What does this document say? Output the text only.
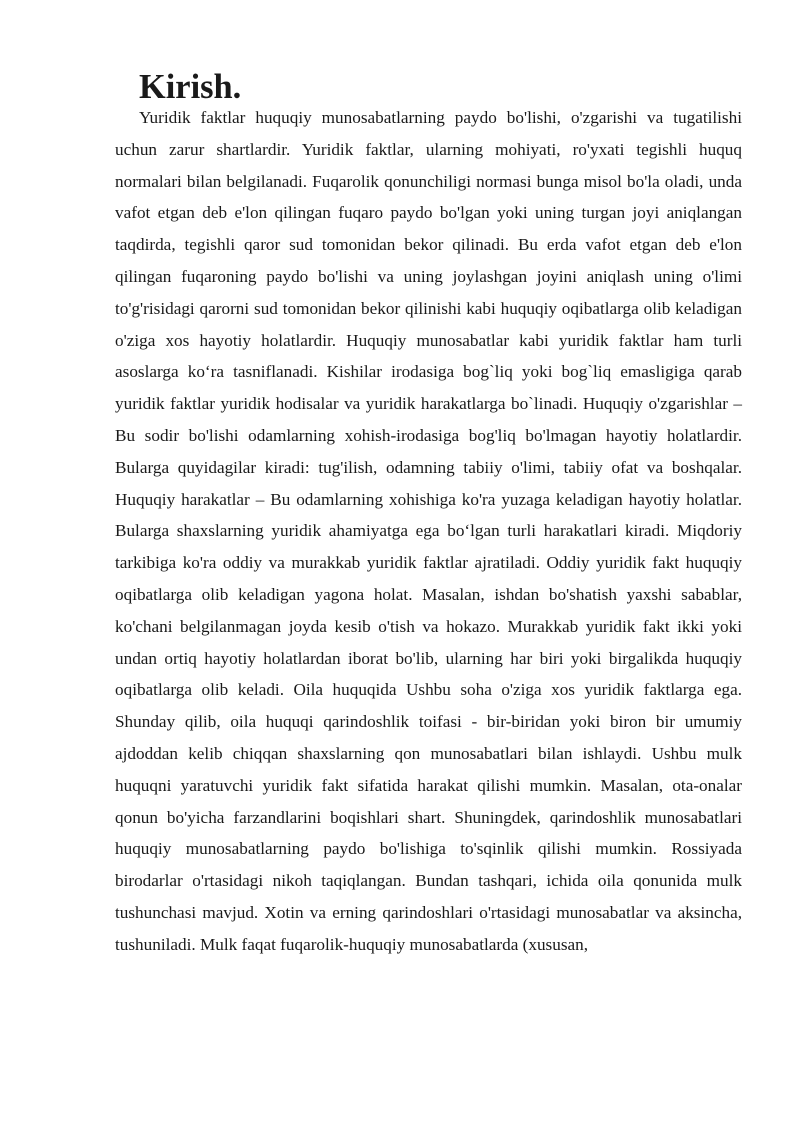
Kirish.

Yuridik faktlar huquqiy munosabatlarning paydo bo'lishi, o'zgarishi va tugatilishi uchun zarur shartlardir. Yuridik faktlar, ularning mohiyati, ro'yxati tegishli huquq normalari bilan belgilanadi. Fuqarolik qonunchiligi normasi bunga misol bo'la oladi, unda vafot etgan deb e'lon qilingan fuqaro paydo bo'lgan yoki uning turgan joyi aniqlangan taqdirda, tegishli qaror sud tomonidan bekor qilinadi. Bu erda vafot etgan deb e'lon qilingan fuqaroning paydo bo'lishi va uning joylashgan joyini aniqlash uning o'limi to'g'risidagi qarorni sud tomonidan bekor qilinishi kabi huquqiy oqibatlarga olib keladigan o'ziga xos hayotiy holatlardir. Huquqiy munosabatlar kabi yuridik faktlar ham turli asoslarga ko‘ra tasniflanadi. Kishilar irodasiga bog`liq yoki bog`liq emasligiga qarab yuridik faktlar yuridik hodisalar va yuridik harakatlarga bo`linadi. Huquqiy o'zgarishlar – Bu sodir bo'lishi odamlarning xohish-irodasiga bog'liq bo'lmagan hayotiy holatlardir. Bularga quyidagilar kiradi: tug'ilish, odamning tabiiy o'limi, tabiiy ofat va boshqalar. Huquqiy harakatlar – Bu odamlarning xohishiga ko'ra yuzaga keladigan hayotiy holatlar. Bularga shaxslarning yuridik ahamiyatga ega bo‘lgan turli harakatlari kiradi. Miqdoriy tarkibiga ko'ra oddiy va murakkab yuridik faktlar ajratiladi. Oddiy yuridik fakt huquqiy oqibatlarga olib keladigan yagona holat. Masalan, ishdan bo'shatish yaxshi sabablar, ko'chani belgilanmagan joyda kesib o'tish va hokazo. Murakkab yuridik fakt ikki yoki undan ortiq hayotiy holatlardan iborat bo'lib, ularning har biri yoki birgalikda huquqiy oqibatlarga olib keladi. Oila huquqida Ushbu soha o'ziga xos yuridik faktlarga ega. Shunday qilib, oila huquqi qarindoshlik toifasi - bir-biridan yoki biron bir umumiy ajdoddan kelib chiqqan shaxslarning qon munosabatlari bilan ishlaydi. Ushbu mulk huquqni yaratuvchi yuridik fakt sifatida harakat qilishi mumkin. Masalan, ota-onalar qonun bo'yicha farzandlarini boqishlari shart. Shuningdek, qarindoshlik munosabatlari huquqiy munosabatlarning paydo bo'lishiga to'sqinlik qilishi mumkin. Rossiyada birodarlar o'rtasidagi nikoh taqiqlangan. Bundan tashqari, ichida oila qonunida mulk tushunchasi mavjud. Xotin va erning qarindoshlari o'rtasidagi munosabatlar va aksincha, tushuniladi. Mulk faqat fuqarolik-huquqiy munosabatlarda (xususan,
